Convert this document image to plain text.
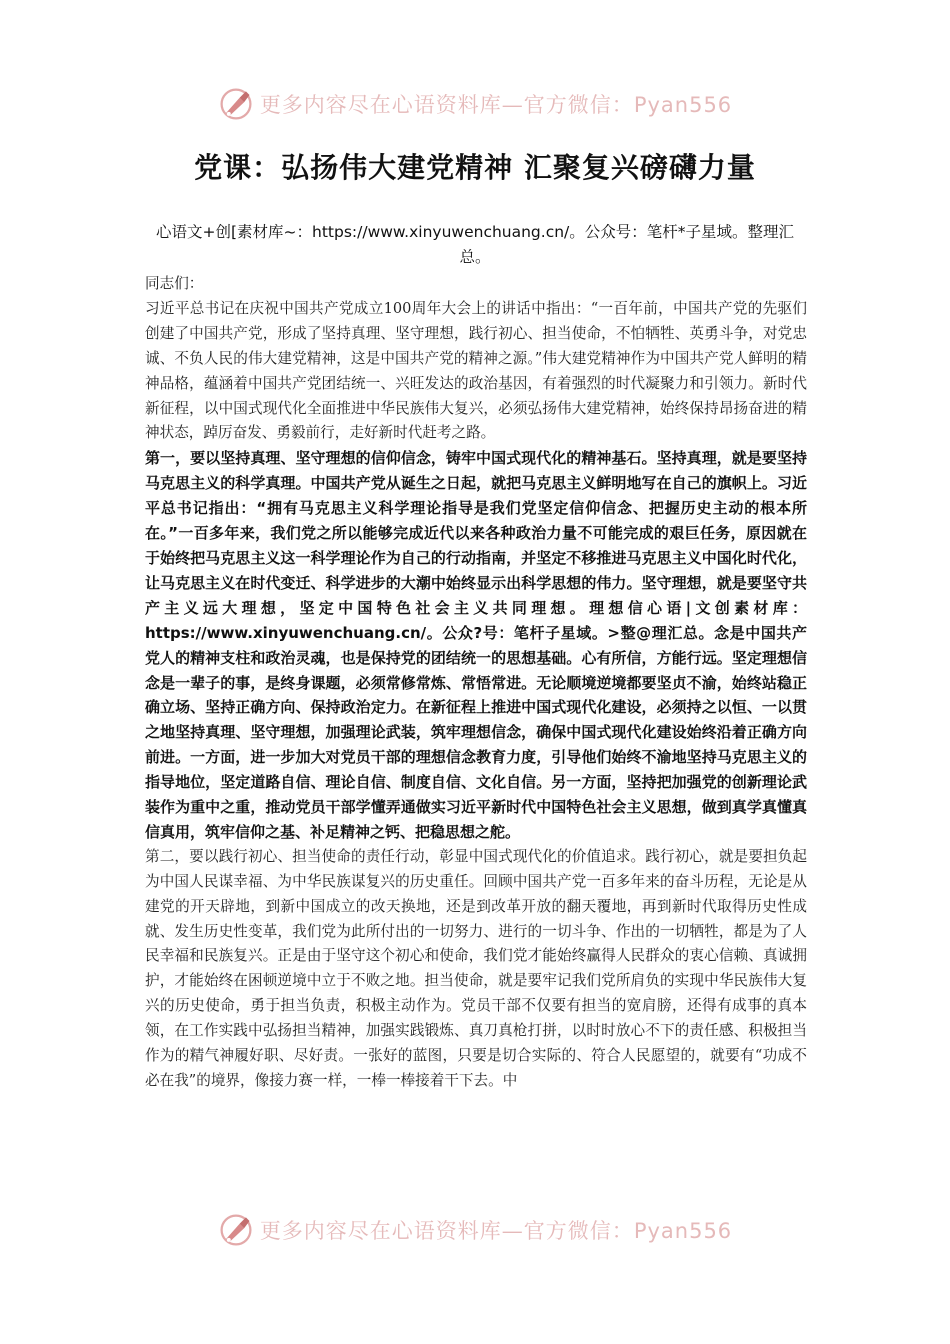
更多内容尽在心语资料库—官方微信：Pyan556
党课：弘扬伟大建党精神 汇聚复兴磅礴力量
心语文+创[素材库~：https://www.xinyuwenchuang.cn/。公众号：笔杆*子星域。整理汇总。

同志们：

习近平总书记在庆祝中国共产党成立100周年大会上的讲话中指出：“一百年前，中国共产党的先驱们创建了中国共产党，形成了坚持真理、坚守理想，践行初心、担当使命，不怕牺牲、英勇斗争，对党忠诚、不负人民的伟大建党精神，这是中国共产党的精神之源。”伟大建党精神作为中国共产党人鲜明的精神品格，蕴涵着中国共产党团结统一、兴旺发达的政治基因，有着强烈的时代凝聚力和引领力。新时代新征程，以中国式现代化全面推进中华民族伟大复兴，必须弘扬伟大建党精神，始终保持昂扬奋进的精神状态，踔厉奋发、勇毅前行，走好新时代赶考之路。

第一，要以坚持真理、坚守理想的信仰信念，铸牢中国式现代化的精神基石。坚持真理，就是要坚持马克思主义的科学真理。中国共产党从诞生之日起，就把马克思主义鲜明地写在自己的旗帜上。习近平总书记指出：“拥有马克思主义科学理论指导是我们党坚定信仰信念、把握历史主动的根本所在。”一百多年来，我们党之所以能够完成近代以来各种政治力量不可能完成的艰巨任务，原因就在于始终把马克思主义这一科学理论作为自己的行动指南，并坚定不移推进马克思主义中国化时代化，让马克思主义在时代变迁、科学进步的大潮中始终显示出科学思想的伟力。坚守理想，就是要坚守共产主义远大理想，坚定中国特色社会主义共同理想。理想信心语|文创素材库：https://www.xinyuwenchuang.cn/。公众?号：笔杆子星域。>整@理汇总。念是中国共产党人的精神支柱和政治灵魂，也是保持党的团结统一的思想基础。心有所信，方能行远。坚定理想信念是一辈子的事，是终身课题，必须常修常炼、常悟常进。无论顺境逆境都要坚贞不渝，始终站稳正确立场、坚持正确方向、保持政治定力。在新征程上推进中国式现代化建设，必须持之以恒、一以贯之地坚持真理、坚守理想，加强理论武装，筑牢理想信念，确保中国式现代化建设始终沿着正确方向前进。一方面，进一步加大对党员干部的理想信念教育力度，引导他们始终不渝地坚持马克思主义的指导地位，坚定道路自信、理论自信、制度自信、文化自信。另一方面，坚持把加强党的创新理论武装作为重中之重，推动党员干部学懂弄通做实习近平新时代中国特色社会主义思想，做到真学真懂真信真用，筑牢信仰之基、补足精神之钙、把稳思想之舵。

第二，要以践行初心、担当使命的责任行动，彰显中国式现代化的价值追求。践行初心，就是要担负起为中国人民谋幸福、为中华民族谋复兴的历史重任。回顾中国共产党一百多年来的奋斗历程，无论是从建党的开天辟地，到新中国成立的改天换地，还是到改革开放的翻天覆地，再到新时代取得历史性成就、发生历史性变革，我们党为此所付出的一切努力、进行的一切斗争、作出的一切牺牲，都是为了人民幸福和民族复兴。正是由于坚守这个初心和使命，我们党才能始终赢得人民群众的衷心信赖、真诚拥护，才能始终在困顿逆境中立于不败之地。担当使命，就是要牢记我们党所肩负的实现中华民族伟大复兴的历史使命，勇于担当负责，积极主动作为。党员干部不仅要有担当的宽肩膀，还得有成事的真本领，在工作实践中弘扬担当精神，加强实践锻炼、真刀真枪打拼，以时时放心不下的责任感、积极担当作为的精气神履好职、尽好责。一张好的蓝图，只要是切合实际的、符合人民愿望的，就要有“功成不必在我”的境界，像接力赛一样，一棒一棒接着干下去。中

更多内容尽在心语资料库—官方微信：Pyan556
